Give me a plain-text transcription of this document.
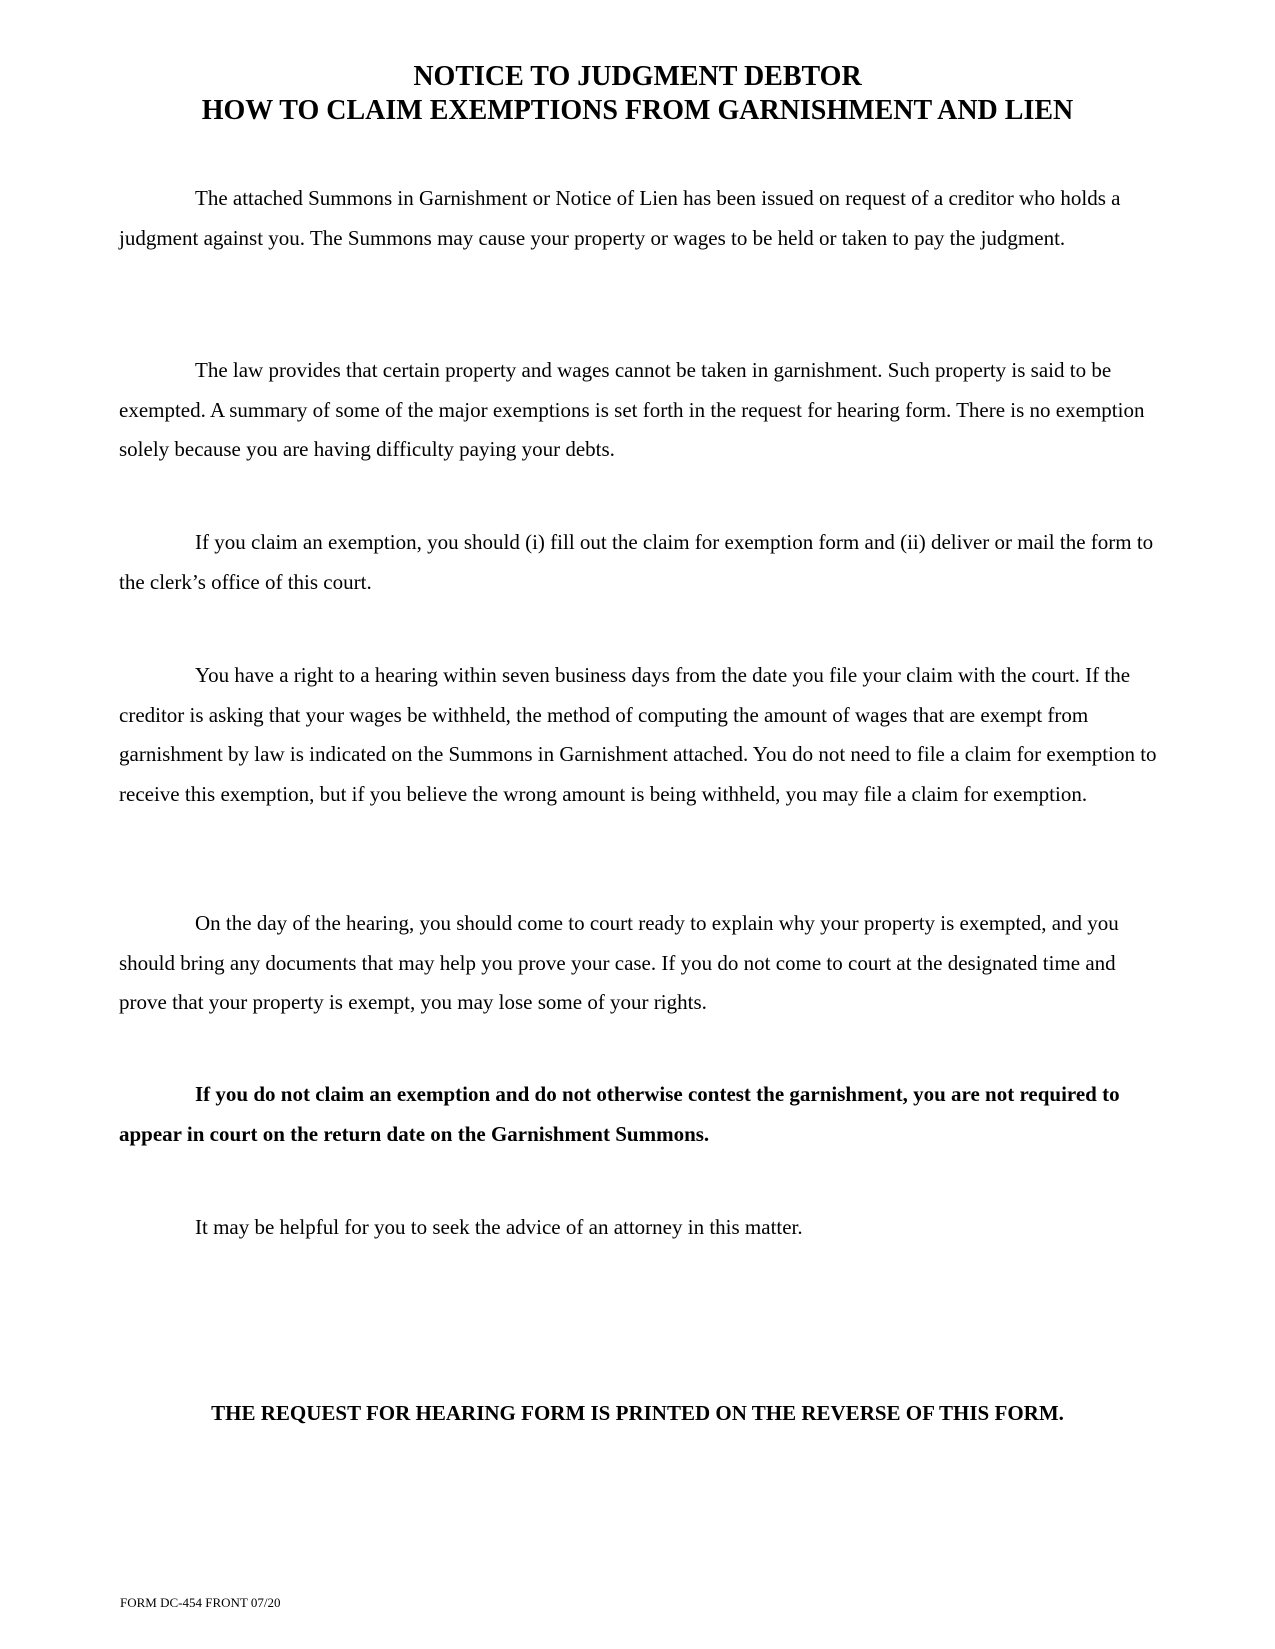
NOTICE TO JUDGMENT DEBTOR
HOW TO CLAIM EXEMPTIONS FROM GARNISHMENT AND LIEN

The attached Summons in Garnishment or Notice of Lien has been issued on request of a creditor who holds a judgment against you. The Summons may cause your property or wages to be held or taken to pay the judgment.

The law provides that certain property and wages cannot be taken in garnishment. Such property is said to be exempted. A summary of some of the major exemptions is set forth in the request for hearing form. There is no exemption solely because you are having difficulty paying your debts.

If you claim an exemption, you should (i) fill out the claim for exemption form and (ii) deliver or mail the form to the clerk’s office of this court.

You have a right to a hearing within seven business days from the date you file your claim with the court. If the creditor is asking that your wages be withheld, the method of computing the amount of wages that are exempt from garnishment by law is indicated on the Summons in Garnishment attached. You do not need to file a claim for exemption to receive this exemption, but if you believe the wrong amount is being withheld, you may file a claim for exemption.

On the day of the hearing, you should come to court ready to explain why your property is exempted, and you should bring any documents that may help you prove your case. If you do not come to court at the designated time and prove that your property is exempt, you may lose some of your rights.

If you do not claim an exemption and do not otherwise contest the garnishment, you are not required to appear in court on the return date on the Garnishment Summons.

It may be helpful for you to seek the advice of an attorney in this matter.

THE REQUEST FOR HEARING FORM IS PRINTED ON THE REVERSE OF THIS FORM.

FORM DC-454 FRONT 07/20
